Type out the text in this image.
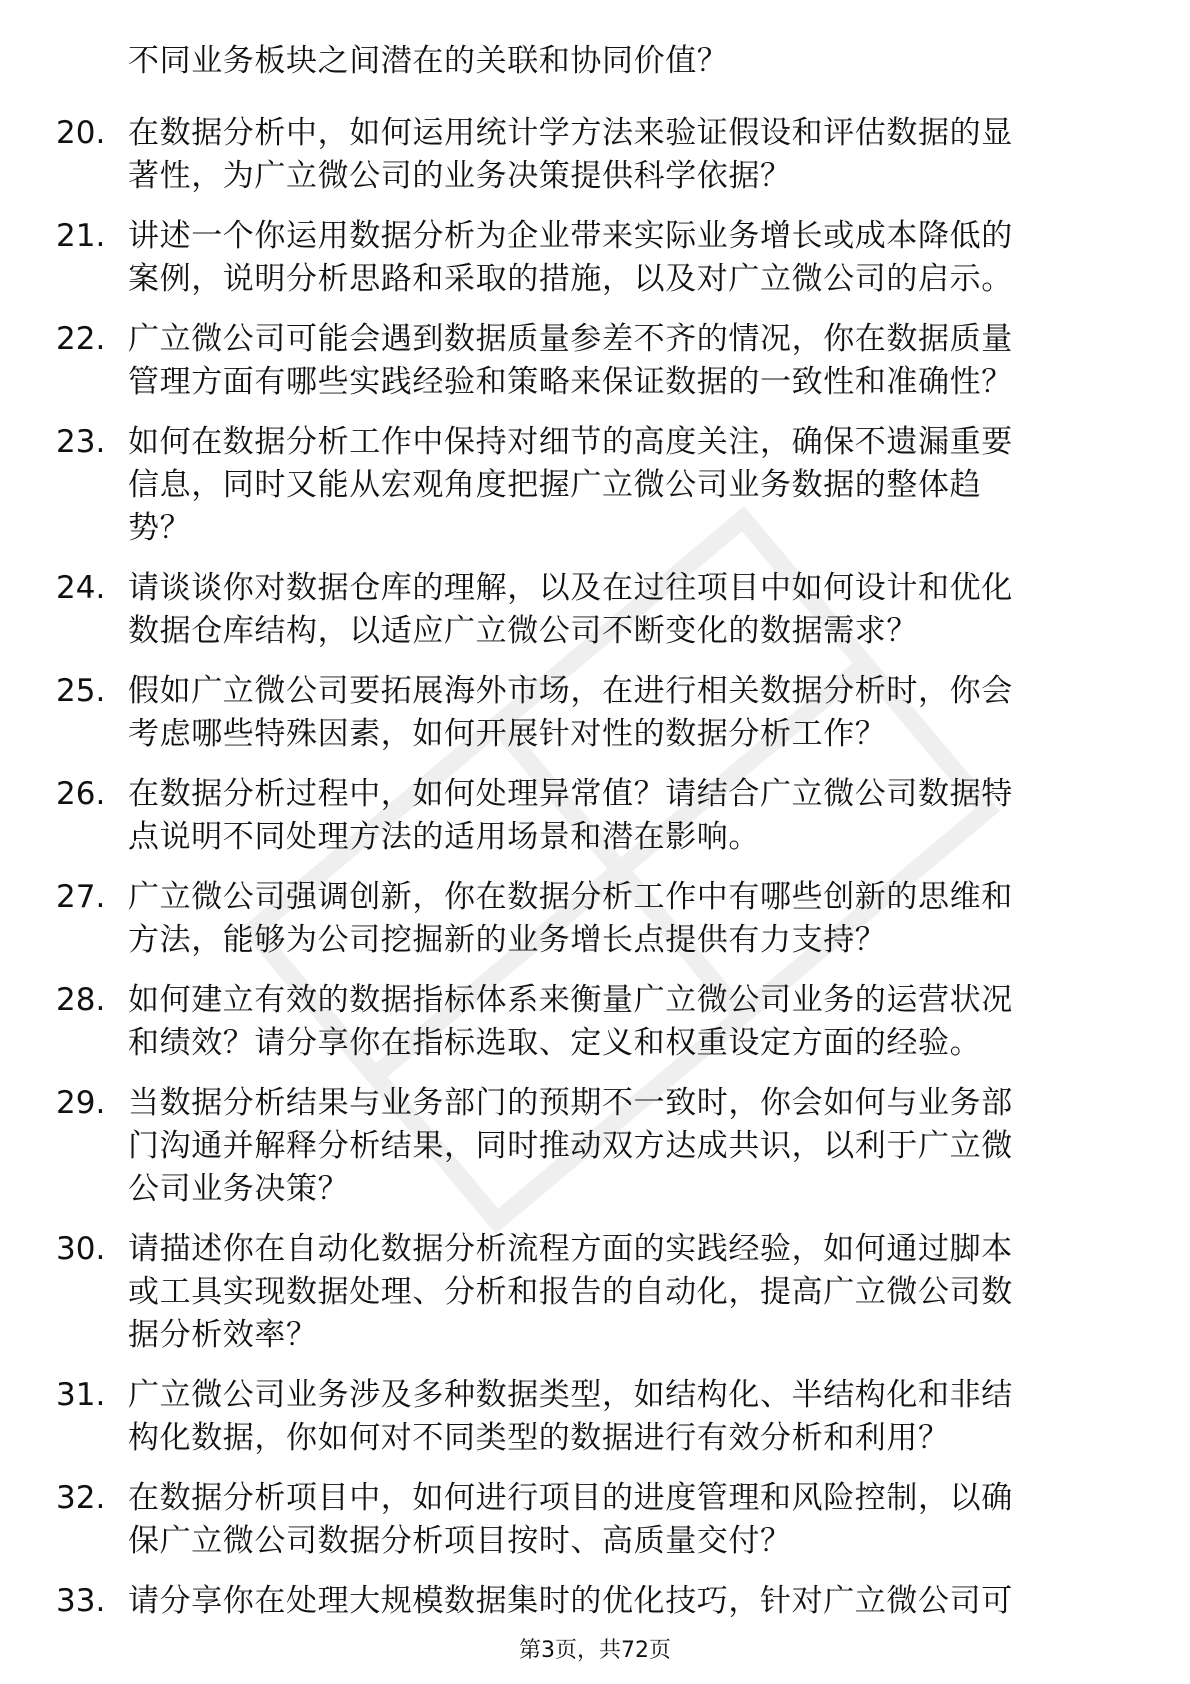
不同业务板块之间潜在的关联和协同价值？
20. 在数据分析中，如何运用统计学方法来验证假设和评估数据的显
著性，为广立微公司的业务决策提供科学依据？
21. 讲述一个你运用数据分析为企业带来实际业务增长或成本降低的
案例，说明分析思路和采取的措施，以及对广立微公司的启示。
22. 广立微公司可能会遇到数据质量参差不齐的情况，你在数据质量
管理方面有哪些实践经验和策略来保证数据的一致性和准确性？
23. 如何在数据分析工作中保持对细节的高度关注，确保不遗漏重要
信息，同时又能从宏观角度把握广立微公司业务数据的整体趋
势？
24. 请谈谈你对数据仓库的理解，以及在过往项目中如何设计和优化
数据仓库结构，以适应广立微公司不断变化的数据需求？
25. 假如广立微公司要拓展海外市场，在进行相关数据分析时，你会
考虑哪些特殊因素，如何开展针对性的数据分析工作？
26. 在数据分析过程中，如何处理异常值？请结合广立微公司数据特
点说明不同处理方法的适用场景和潜在影响。
27. 广立微公司强调创新，你在数据分析工作中有哪些创新的思维和
方法，能够为公司挖掘新的业务增长点提供有力支持？
28. 如何建立有效的数据指标体系来衡量广立微公司业务的运营状况
和绩效？请分享你在指标选取、定义和权重设定方面的经验。
29. 当数据分析结果与业务部门的预期不一致时，你会如何与业务部
门沟通并解释分析结果，同时推动双方达成共识，以利于广立微
公司业务决策？
30. 请描述你在自动化数据分析流程方面的实践经验，如何通过脚本
或工具实现数据处理、分析和报告的自动化，提高广立微公司数
据分析效率？
31. 广立微公司业务涉及多种数据类型，如结构化、半结构化和非结
构化数据，你如何对不同类型的数据进行有效分析和利用？
32. 在数据分析项目中，如何进行项目的进度管理和风险控制，以确
保广立微公司数据分析项目按时、高质量交付？
33. 请分享你在处理大规模数据集时的优化技巧，针对广立微公司可
第3页，共72页
